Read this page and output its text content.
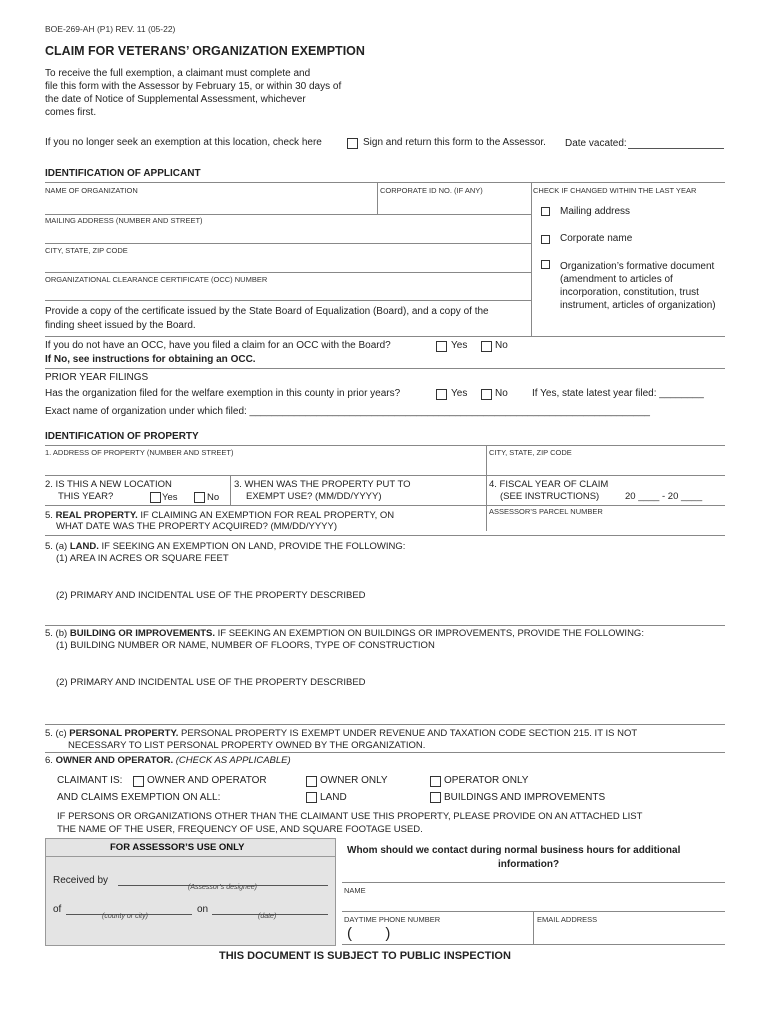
BOE-269-AH (P1) REV. 11 (05-22)
CLAIM FOR VETERANS’ ORGANIZATION EXEMPTION
To receive the full exemption, a claimant must complete and
file this form with the Assessor by February 15, or within 30 days of
the date of Notice of Supplemental Assessment, whichever
comes first.
If you no longer seek an exemption at this location, check here	Sign and return this form to the Assessor. Date vacated:
IDENTIFICATION OF APPLICANT
NAME OF ORGANIZATION	CORPORATE ID NO. (IF ANY)	CHECK IF CHANGED WITHIN THE LAST YEAR
MAILING ADDRESS (NUMBER AND STREET)
CITY, STATE, ZIP CODE
ORGANIZATIONAL CLEARANCE CERTIFICATE (OCC) NUMBER
Provide a copy of the certificate issued by the State Board of Equalization (Board), and a copy of the
finding sheet issued by the Board.
Mailing address
Corporate name
Organization’s formative document
(amendment to articles of
incorporation, constitution, trust
instrument, articles of organization)
If you do not have an OCC, have you filed a claim for an OCC with the Board?	Yes	No
If No, see instructions for obtaining an OCC.
PRIOR YEAR FILINGS
Has the organization filed for the welfare exemption in this county in prior years?	Yes	No If Yes, state latest year filed: ________
Exact name of organization under which filed: ________________________________________________________________________
IDENTIFICATION OF PROPERTY
1. ADDRESS OF PROPERTY (NUMBER AND STREET)	CITY, STATE, ZIP CODE
2. IS THIS A NEW LOCATION
THIS YEAR?	Yes	No
3. WHEN WAS THE PROPERTY PUT TO
EXEMPT USE? (MM/DD/YYYY)
4. FISCAL YEAR OF CLAIM
(SEE INSTRUCTIONS)	20 ____ - 20 ____
5. REAL PROPERTY. IF CLAIMING AN EXEMPTION FOR REAL PROPERTY, ON
WHAT DATE WAS THE PROPERTY ACQUIRED? (MM/DD/YYYY)
ASSESSOR’S PARCEL NUMBER
5. (a) LAND. IF SEEKING AN EXEMPTION ON LAND, PROVIDE THE FOLLOWING:
(1) AREA IN ACRES OR SQUARE FEET
(2) PRIMARY AND INCIDENTAL USE OF THE PROPERTY DESCRIBED
5. (b) BUILDING OR IMPROVEMENTS. IF SEEKING AN EXEMPTION ON BUILDINGS OR IMPROVEMENTS, PROVIDE THE FOLLOWING:
(1) BUILDING NUMBER OR NAME, NUMBER OF FLOORS, TYPE OF CONSTRUCTION
(2) PRIMARY AND INCIDENTAL USE OF THE PROPERTY DESCRIBED
5. (c) PERSONAL PROPERTY. PERSONAL PROPERTY IS EXEMPT UNDER REVENUE AND TAXATION CODE SECTION 215. IT IS NOT
NECESSARY TO LIST PERSONAL PROPERTY OWNED BY THE ORGANIZATION.
6. OWNER AND OPERATOR. (CHECK AS APPLICABLE)
CLAIMANT IS: OWNER AND OPERATOR	OWNER ONLY	OPERATOR ONLY
AND CLAIMS EXEMPTION ON ALL:	LAND	BUILDINGS AND IMPROVEMENTS
IF PERSONS OR ORGANIZATIONS OTHER THAN THE CLAIMANT USE THIS PROPERTY, PLEASE PROVIDE ON AN ATTACHED LIST
THE NAME OF THE USER, FREQUENCY OF USE, AND SQUARE FOOTAGE USED.
FOR ASSESSOR’S USE ONLY
Received by
(Assessor’s designee)
of
(county or city)
on
(date)
Whom should we contact during normal business hours for additional
information?
NAME
DAYTIME PHONE NUMBER
(        )
EMAIL ADDRESS
THIS DOCUMENT IS SUBJECT TO PUBLIC INSPECTION
